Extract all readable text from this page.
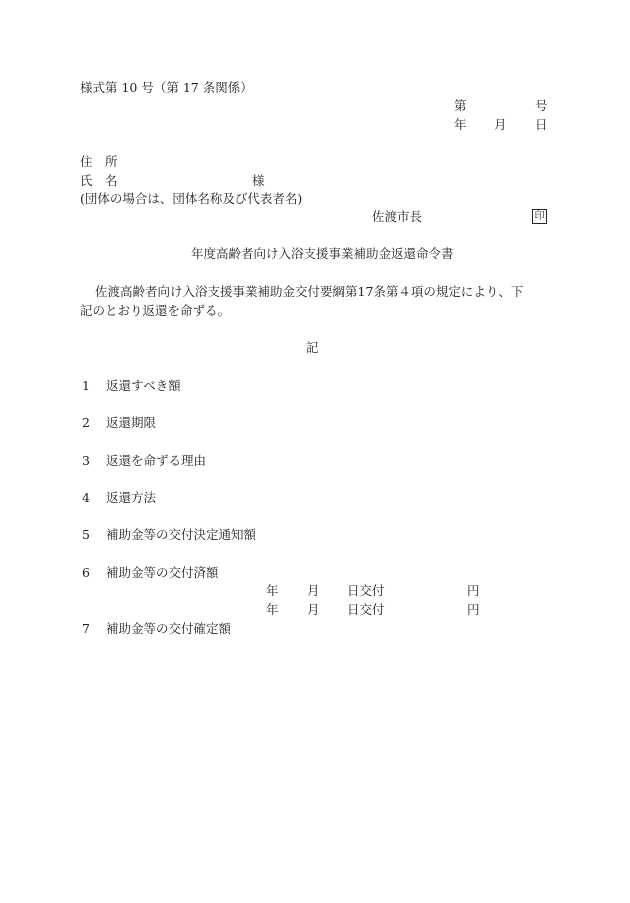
様式第 10 号（第 17 条関係）
第	号
年 月 日
住　所
氏　名	様
(団体の場合は、団体名称及び代表者名)
佐渡市長	印
年度高齢者向け入浴支援事業補助金返還命令書
佐渡高齢者向け入浴支援事業補助金交付要綱第17条第４項の規定により、下
記のとおり返還を命ずる。
記
1 返還すべき額
2 返還期限
3 返還を命ずる理由
4 返還方法
5 補助金等の交付決定通知額
6 補助金等の交付済額
年 月 日交付	円
年 月 日交付	円
7 補助金等の交付確定額
